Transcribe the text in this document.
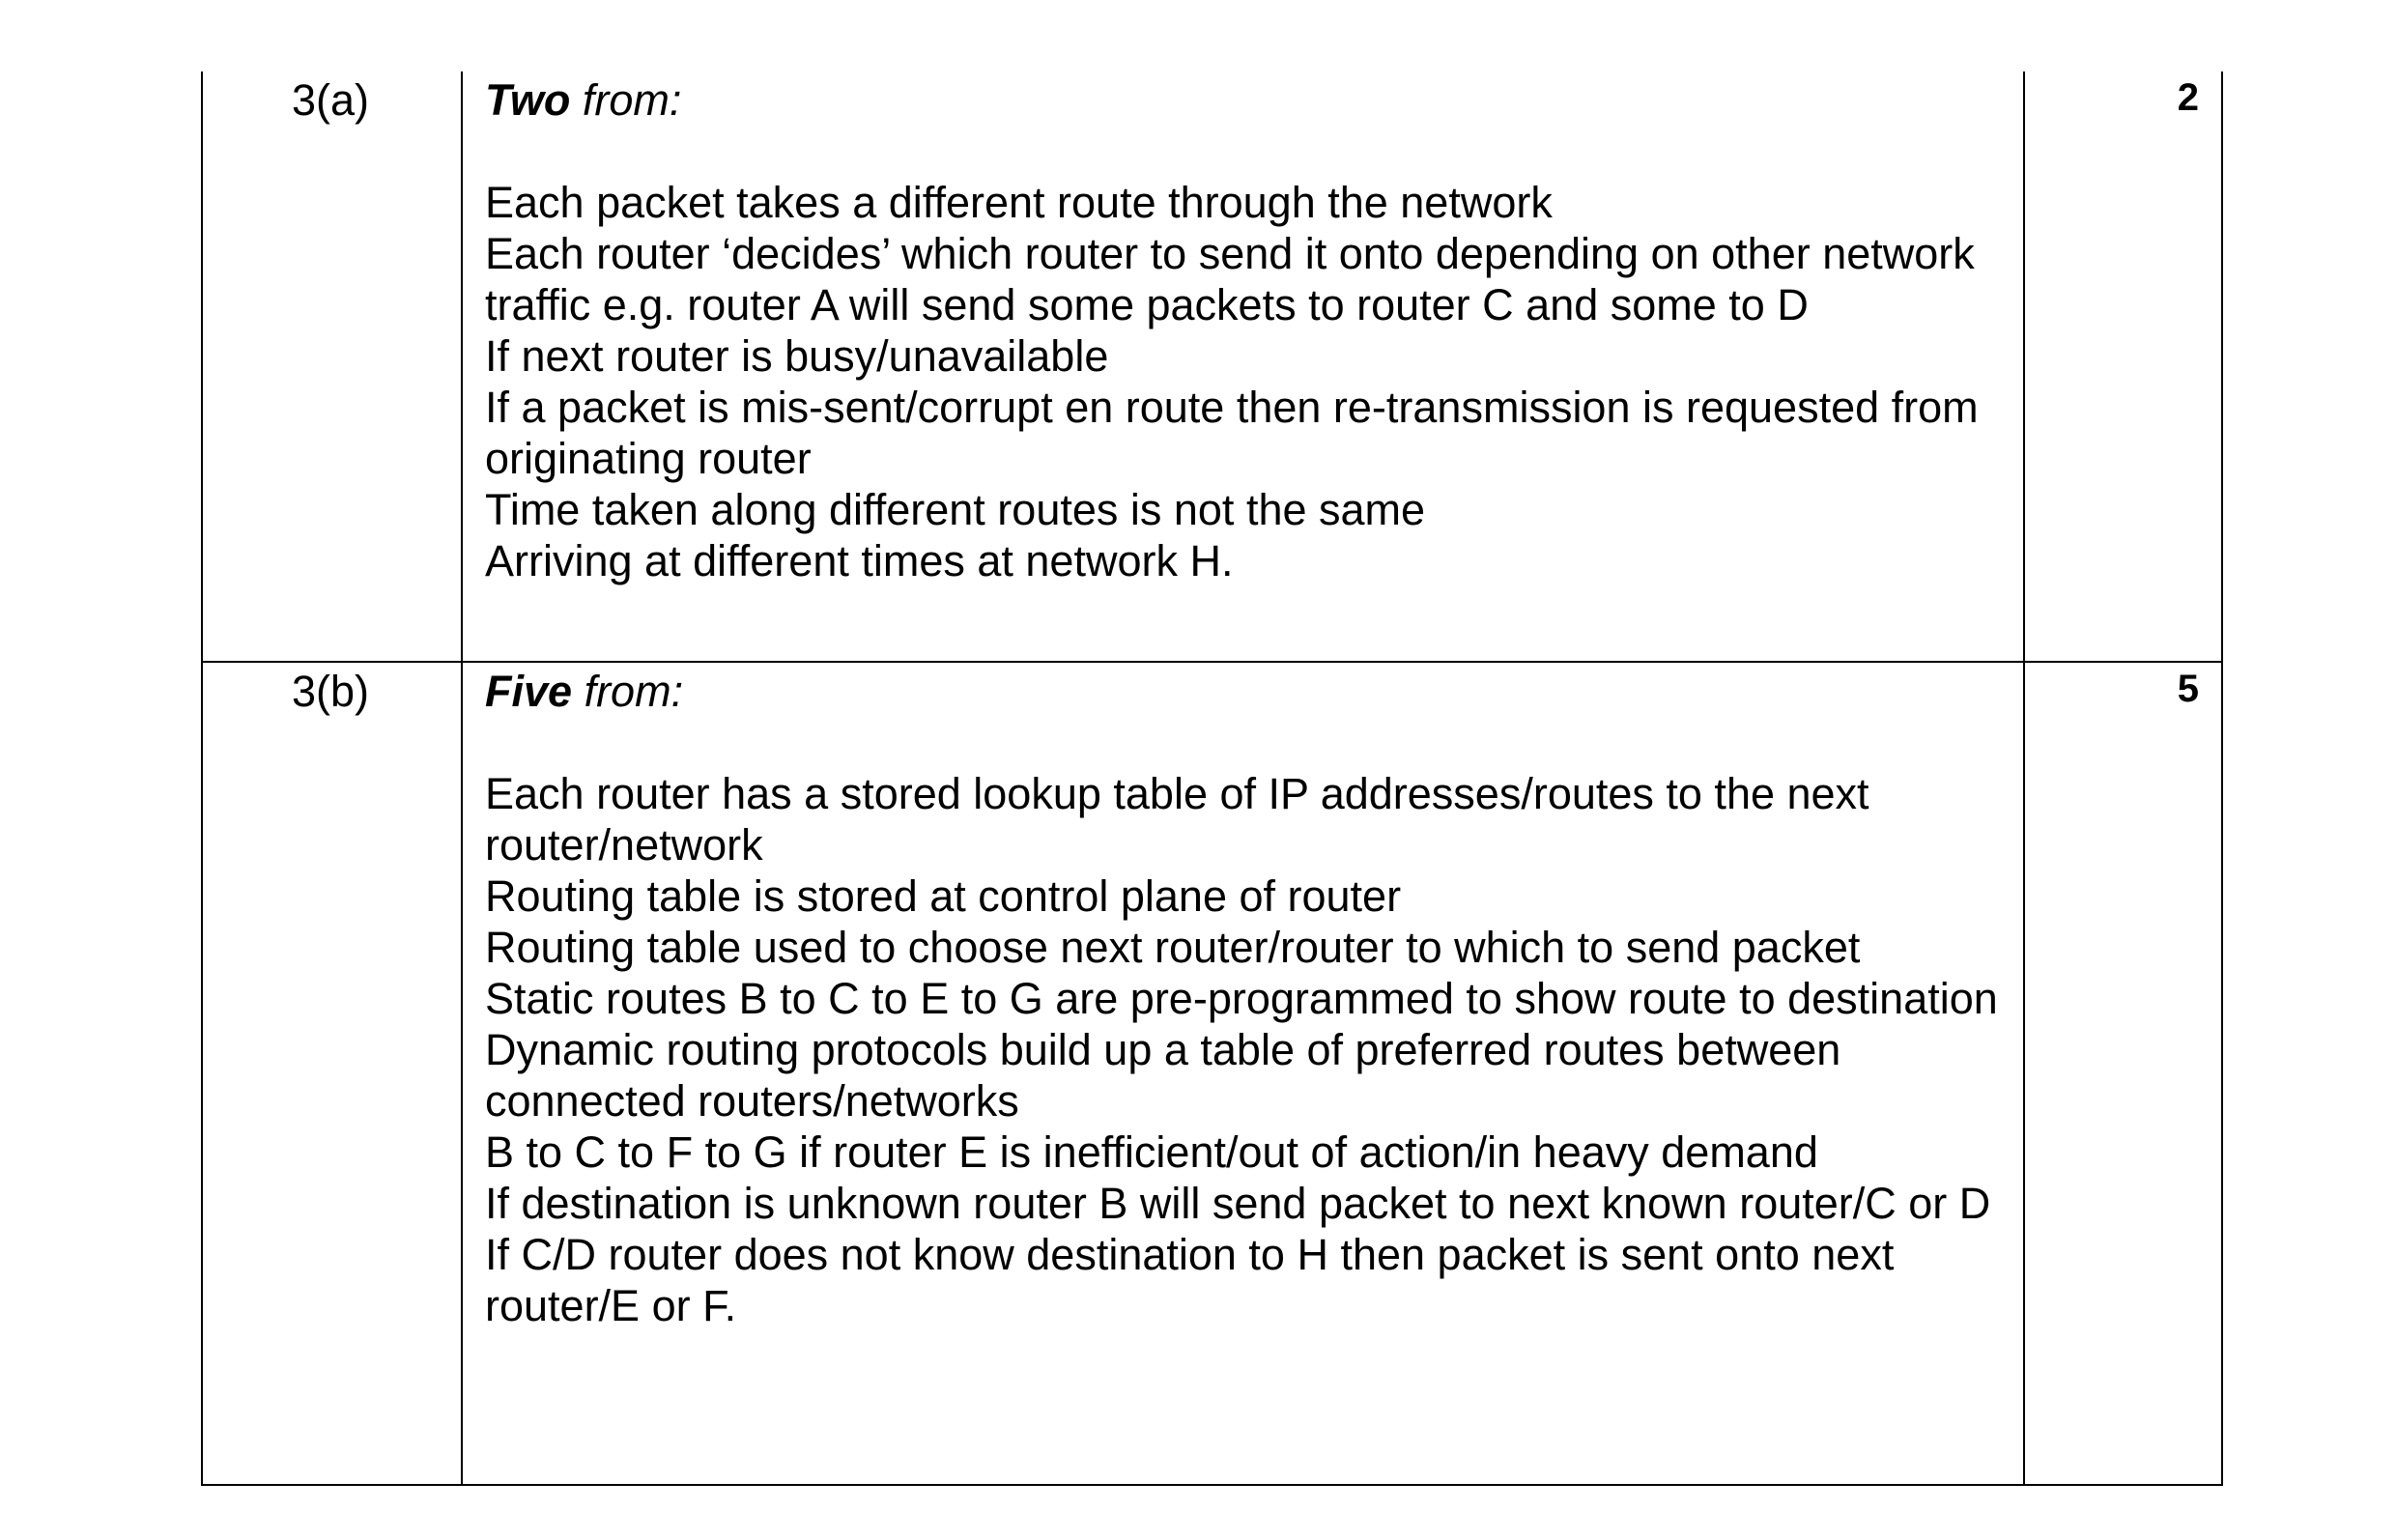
3(a)	Two from:

Each packet takes a different route through the network

Each router ‘decides’ which router to send it onto depending on other network traffic e.g. router A will send some packets to router C and some to D

If next router is busy/unavailable

If a packet is mis-sent/corrupt en route then re-transmission is requested from originating router

Time taken along different routes is not the same

Arriving at different times at network H.

2
3(b)	Five from:

Each router has a stored lookup table of IP addresses/routes to the next router/network

Routing table is stored at control plane of router

Routing table used to choose next router/router to which to send packet

Static routes B to C to E to G are pre-programmed to show route to destination

Dynamic routing protocols build up a table of preferred routes between connected routers/networks

B to C to F to G if router E is inefficient/out of action/in heavy demand

If destination is unknown router B will send packet to next known router/C or D

If C/D router does not know destination to H then packet is sent onto next router/E or F.

5
